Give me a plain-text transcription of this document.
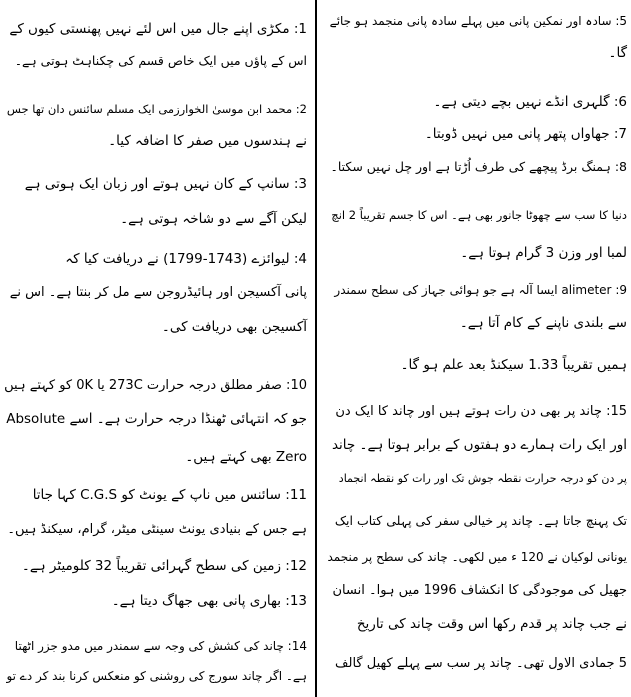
5: سادہ اور نمکین پانی میں پہلے سادہ پانی منجمد ہو جائے
گا۔
6: گلہری انڈے نہیں بچے دیتی ہے۔
7: جھاواں پتھر پانی میں نہیں ڈوبتا۔
8: ہمنگ برڈ پیچھے کی طرف اُڑتا ہے اور چل نہیں سکتا۔
دنیا کا سب سے چھوٹا جانور بھی ہے۔ اس کا جسم تقریباً 2 انچ
لمبا اور وزن 3 گرام ہوتا ہے۔
9: alimeter ایسا آلہ ہے جو ہوائی جہاز کی سطح سمندر
سے بلندی ناپنے کے کام آتا ہے۔
ہمیں تقریباً 1.33 سیکنڈ بعد علم ہو گا۔
15: چاند پر بھی دن رات ہوتے ہیں اور چاند کا ایک دن
اور ایک رات ہمارے دو ہفتوں کے برابر ہوتا ہے۔ چاند
پر دن کو درجہ حرارت نقطہ جوش تک اور رات کو نقطہ انجماد
تک پہنچ جاتا ہے۔ چاند پر خیالی سفر کی پہلی کتاب ایک
یونانی لوکیان نے 120 ء میں لکھی۔ چاند کی سطح پر منجمد
جھیل کی موجودگی کا انکشاف 1996 میں ہوا۔ انسان
نے جب چاند پر قدم رکھا اس وقت چاند کی تاریخ
5 جمادی الاول تھی۔ چاند پر سب سے پہلے کھیل گالف
1: مکڑی اپنے جال میں اس لئے نہیں پھنستی کیوں کے
اس کے پاؤں میں ایک خاص قسم کی چکناہٹ ہوتی ہے۔
2: محمد ابن موسیٰ الخوارزمی ایک مسلم سائنس دان تھا جس
نے ہندسوں میں صفر کا اضافہ کیا۔
3: سانپ کے کان نہیں ہوتے اور زبان ایک ہوتی ہے
لیکن آگے سے دو شاخہ ہوتی ہے۔
4: لیوائزے (1743-1799) نے دریافت کیا کہ
پانی آکسیجن اور ہائیڈروجن سے مل کر بنتا ہے۔ اس نے
آکسیجن بھی دریافت کی۔
10: صفر مطلق درجہ حرارت 273C یا 0K کو کہتے ہیں
جو کہ انتہائی ٹھنڈا درجہ حرارت ہے۔ اسے Absolute
Zero بھی کہتے ہیں۔
11: سائنس میں ناپ کے یونٹ کو C.G.S کہا جاتا
ہے جس کے بنیادی یونٹ سینٹی میٹر، گرام، سیکنڈ ہیں۔
12: زمین کی سطح گہرائی تقریباً 32 کلومیٹر ہے۔
13: بھاری پانی بھی جھاگ دیتا ہے۔
14: چاند کی کشش کی وجہ سے سمندر میں مدو جزر اٹھتا
ہے۔ اگر چاند سورج کی روشنی کو منعکس کرنا بند کر دے تو
